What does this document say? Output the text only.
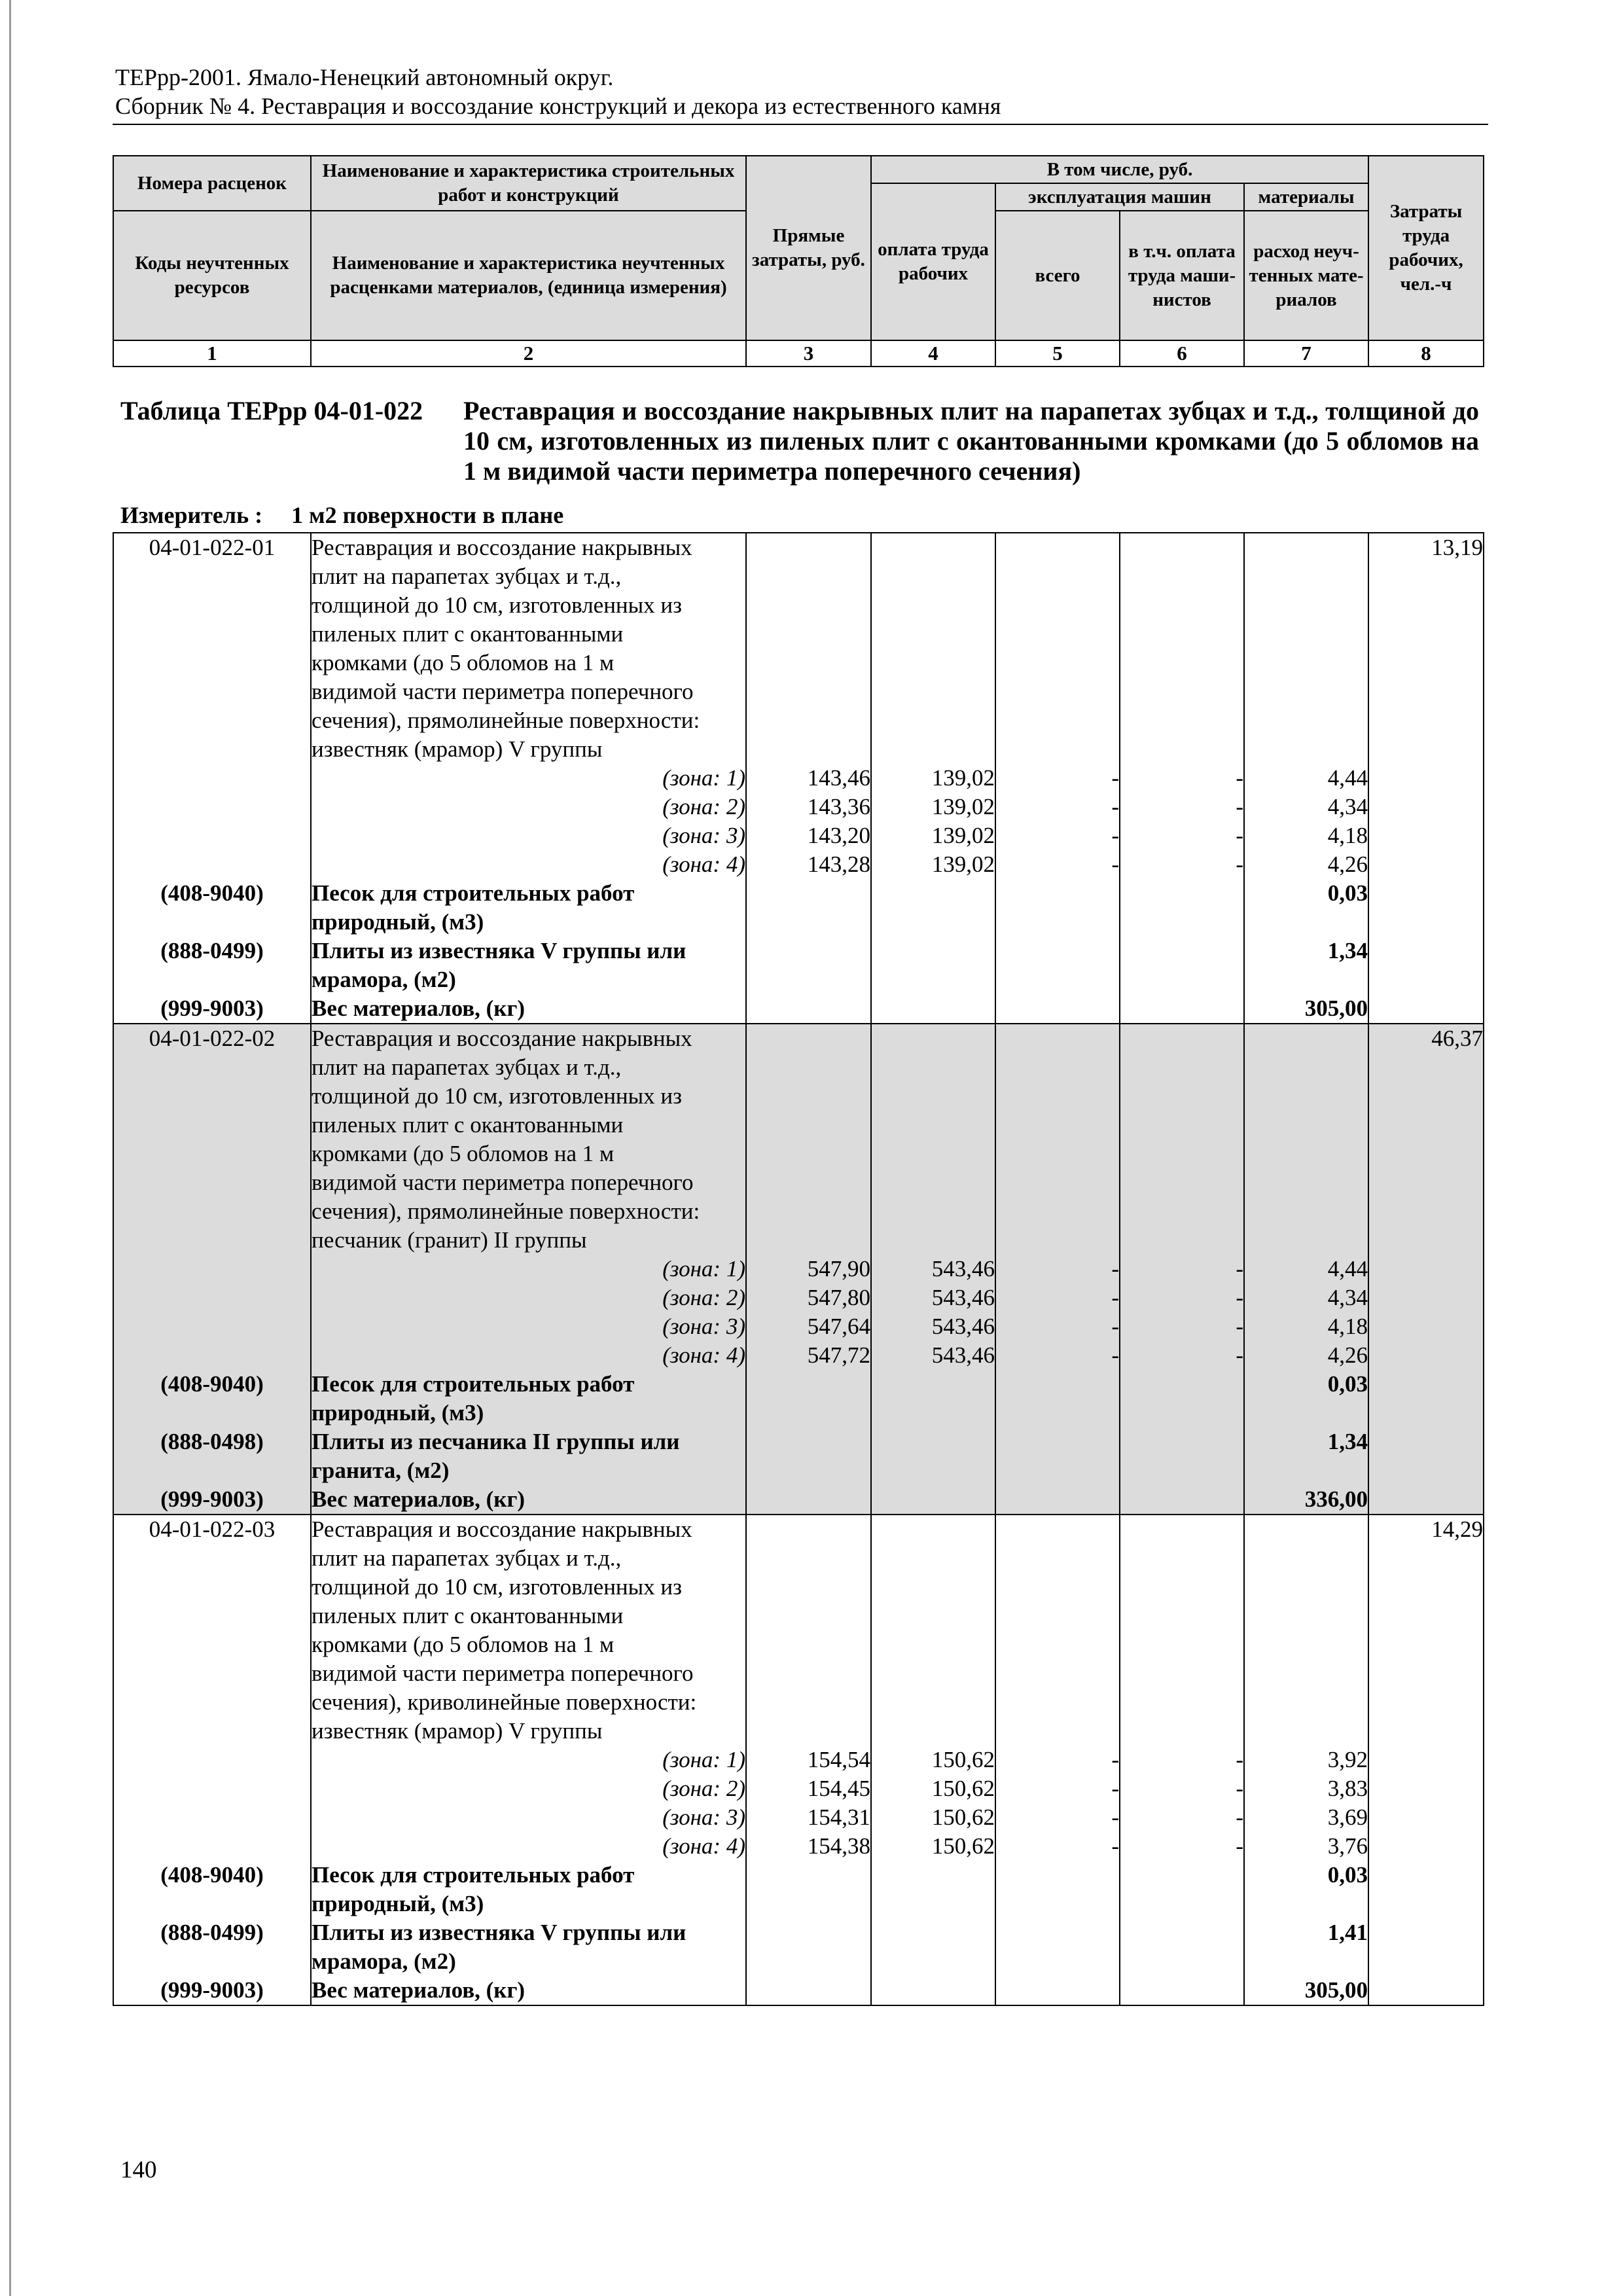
ТЕРрр-2001. Ямало-Ненецкий автономный округ.
Сборник № 4. Реставрация и воссоздание конструкций и декора из естественного камня
Номера расценок	Наименование и характеристика строительных работ и конструкций	Прямые затраты, руб.	В том числе, руб.				Затраты труда рабочих, чел.-ч
			оплата труда рабочих	эксплуатация машин		материалы	
Коды неучтенных ресурсов	Наименование и характеристика неучтенных расценками материалов, (единица измерения)			всего	в т.ч. оплата труда маши-нистов	расход неуч-тенных мате-риалов	

1	2	3	4	5	6	7	8
Таблица ТЕРрр 04-01-022 Реставрация и воссоздание накрывных плит на парапетах зубцах и т.д., толщиной до 10 см, изготовленных из пиленых плит с окантованными кромками (до 5 обломов на 1 м видимой части периметра поперечного сечения)
Измеритель : 1 м2 поверхности в плане
04-01-022-01	Реставрация и воссоздание накрывных						13,19
	плит на парапетах зубцах и т.д.,						
	толщиной до 10 см, изготовленных из						
	пиленых плит с окантованными						
	кромками (до 5 обломов на 1 м						
	видимой части периметра поперечного						
	сечения), прямолинейные поверхности:						
	известняк (мрамор) V группы						
	(зона: 1)	143,46	139,02	-	-	4,44	
	(зона: 2)	143,36	139,02	-	-	4,34	
	(зона: 3)	143,20	139,02	-	-	4,18	
	(зона: 4)	143,28	139,02	-	-	4,26	
(408-9040)	Песок для строительных работ					0,03	
	природный, (м3)						
(888-0499)	Плиты из известняка V группы или					1,34	
	мрамора, (м2)						
(999-9003)	Вес материалов, (кг)					305,00	
04-01-022-02	Реставрация и воссоздание накрывных						46,37
	плит на парапетах зубцах и т.д.,						
	толщиной до 10 см, изготовленных из						
	пиленых плит с окантованными						
	кромками (до 5 обломов на 1 м						
	видимой части периметра поперечного						
	сечения), прямолинейные поверхности:						
	песчаник (гранит) II группы						
	(зона: 1)	547,90	543,46	-	-	4,44	
	(зона: 2)	547,80	543,46	-	-	4,34	
	(зона: 3)	547,64	543,46	-	-	4,18	
	(зона: 4)	547,72	543,46	-	-	4,26	
(408-9040)	Песок для строительных работ					0,03	
	природный, (м3)						
(888-0498)	Плиты из песчаника II группы или					1,34	
	гранита, (м2)						
(999-9003)	Вес материалов, (кг)					336,00	
04-01-022-03	Реставрация и воссоздание накрывных						14,29
	плит на парапетах зубцах и т.д.,						
	толщиной до 10 см, изготовленных из						
	пиленых плит с окантованными						
	кромками (до 5 обломов на 1 м						
	видимой части периметра поперечного						
	сечения), криволинейные поверхности:						
	известняк (мрамор) V группы						
	(зона: 1)	154,54	150,62	-	-	3,92	
	(зона: 2)	154,45	150,62	-	-	3,83	
	(зона: 3)	154,31	150,62	-	-	3,69	
	(зона: 4)	154,38	150,62	-	-	3,76	
(408-9040)	Песок для строительных работ					0,03	
	природный, (м3)						
(888-0499)	Плиты из известняка V группы или					1,41	
	мрамора, (м2)						
(999-9003)	Вес материалов, (кг)					305,00	
140
